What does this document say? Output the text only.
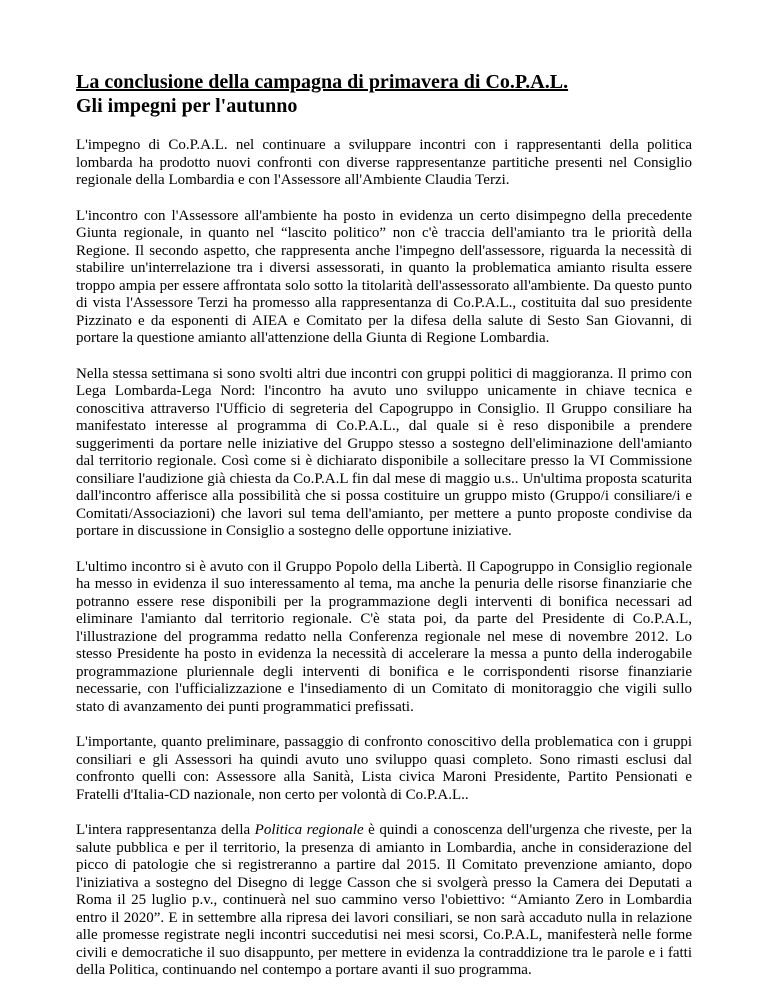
La conclusione della campagna di primavera di Co.P.A.L.
Gli impegni per l'autunno

L'impegno di Co.P.A.L. nel continuare a sviluppare incontri con i rappresentanti della politica lombarda ha prodotto nuovi confronti con diverse rappresentanze partitiche presenti nel Consiglio regionale della Lombardia e con l'Assessore all'Ambiente Claudia Terzi.

L'incontro con l'Assessore all'ambiente ha posto in evidenza un certo disimpegno della precedente Giunta regionale, in quanto nel “lascito politico” non c'è traccia dell'amianto tra le priorità della Regione. Il secondo aspetto, che rappresenta anche l'impegno dell'assessore, riguarda la necessità di stabilire un'interrelazione tra i diversi assessorati, in quanto la problematica amianto risulta essere troppo ampia per essere affrontata solo sotto la titolarità dell'assessorato all'ambiente. Da questo punto di vista l'Assessore Terzi ha promesso alla rappresentanza di Co.P.A.L., costituita dal suo presidente Pizzinato e da esponenti di AIEA e Comitato per la difesa della salute di Sesto San Giovanni, di portare la questione amianto all'attenzione della Giunta di Regione Lombardia.

Nella stessa settimana si sono svolti altri due incontri con gruppi politici di maggioranza. Il primo con Lega Lombarda-Lega Nord: l'incontro ha avuto uno sviluppo unicamente in chiave tecnica e conoscitiva attraverso l'Ufficio di segreteria del Capogruppo in Consiglio. Il Gruppo consiliare ha manifestato interesse al programma di Co.P.A.L., dal quale si è reso disponibile a prendere suggerimenti da portare nelle iniziative del Gruppo stesso a sostegno dell'eliminazione dell'amianto dal territorio regionale. Così come si è dichiarato disponibile a sollecitare presso la VI Commissione consiliare l'audizione già chiesta da Co.P.A.L fin dal mese di maggio u.s.. Un'ultima proposta scaturita dall'incontro afferisce alla possibilità che si possa costituire un gruppo misto (Gruppo/i consiliare/i e Comitati/Associazioni) che lavori sul tema dell'amianto, per mettere a punto proposte condivise da portare in discussione in Consiglio a sostegno delle opportune iniziative.

L'ultimo incontro si è avuto con il Gruppo Popolo della Libertà. Il Capogruppo in Consiglio regionale ha messo in evidenza il suo interessamento al tema, ma anche la penuria delle risorse finanziarie che potranno essere rese disponibili per la programmazione degli interventi di bonifica necessari ad eliminare l'amianto dal territorio regionale. C'è stata poi, da parte del Presidente di Co.P.A.L, l'illustrazione del programma redatto nella Conferenza regionale nel mese di novembre 2012. Lo stesso Presidente ha posto in evidenza la necessità di accelerare la messa a punto della inderogabile programmazione pluriennale degli interventi di bonifica e le corrispondenti risorse finanziarie necessarie, con l'ufficializzazione e l'insediamento di un Comitato di monitoraggio che vigili sullo stato di avanzamento dei punti programmatici prefissati.

L'importante, quanto preliminare, passaggio di confronto conoscitivo della problematica con i gruppi consiliari e gli Assessori ha quindi avuto uno sviluppo quasi completo. Sono rimasti esclusi dal confronto quelli con: Assessore alla Sanità, Lista civica Maroni Presidente, Partito Pensionati e Fratelli d'Italia-CD nazionale, non certo per volontà di Co.P.A.L..

L'intera rappresentanza della Politica regionale è quindi a conoscenza dell'urgenza che riveste, per la salute pubblica e per il territorio, la presenza di amianto in Lombardia, anche in considerazione del picco di patologie che si registreranno a partire dal 2015. Il Comitato prevenzione amianto, dopo l'iniziativa a sostegno del Disegno di legge Casson che si svolgerà presso la Camera dei Deputati a Roma il 25 luglio p.v., continuerà nel suo cammino verso l'obiettivo: “Amianto Zero in Lombardia entro il 2020”. E in settembre alla ripresa dei lavori consiliari, se non sarà accaduto nulla in relazione alle promesse registrate negli incontri succedutisi nei mesi scorsi, Co.P.A.L, manifesterà nelle forme civili e democratiche il suo disappunto, per mettere in evidenza la contraddizione tra le parole e i fatti della Politica, continuando nel contempo a portare avanti il suo programma.
